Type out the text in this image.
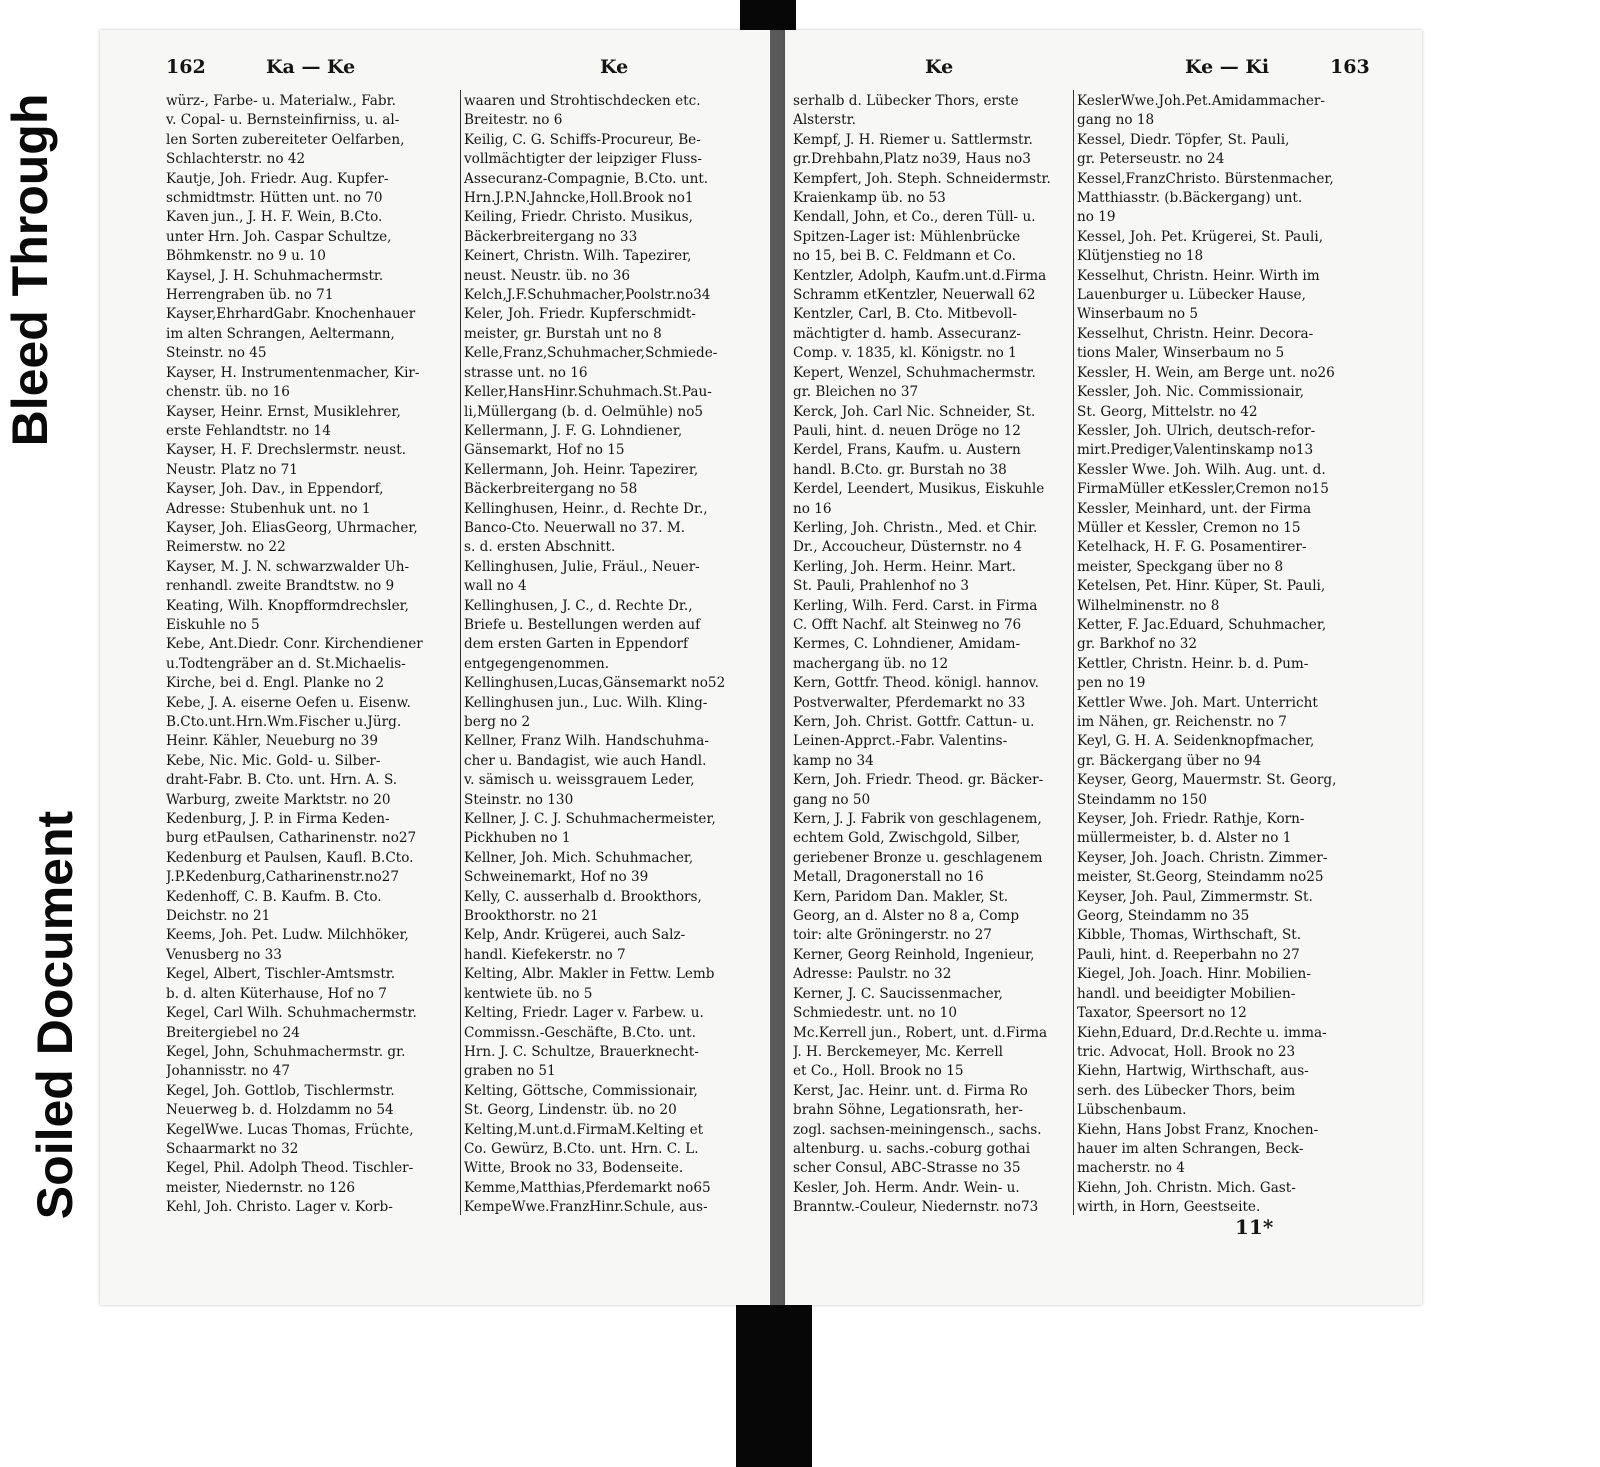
Bleed Through
Soiled Document
162	Ka — Ke	Ke
würz-, Farbe- u. Materialw., Fabr.
v. Copal- u. Bernsteinfirniss, u. al-
len Sorten zubereiteter Oelfarben,
Schlachterstr. no 42
Kautje, Joh. Friedr. Aug. Kupfer-
schmidtmstr. Hütten unt. no 70
Kaven jun., J. H. F. Wein, B.Cto.
unter Hrn. Joh. Caspar Schultze,
Böhmkenstr. no 9 u. 10
Kaysel, J. H. Schuhmachermstr.
Herrengraben üb. no 71
Kayser,EhrhardGabr. Knochenhauer
im alten Schrangen, Aeltermann,
Steinstr. no 45
Kayser, H. Instrumentenmacher, Kir-
chenstr. üb. no 16
Kayser, Heinr. Ernst, Musiklehrer,
erste Fehlandtstr. no 14
Kayser, H. F. Drechslermstr. neust.
Neustr. Platz no 71
Kayser, Joh. Dav., in Eppendorf,
Adresse: Stubenhuk unt. no 1
Kayser, Joh. EliasGeorg, Uhrmacher,
Reimerstw. no 22
Kayser, M. J. N. schwarzwalder Uh-
renhandl. zweite Brandtstw. no 9
Keating, Wilh. Knopfformdrechsler,
Eiskuhle no 5
Kebe, Ant.Diedr. Conr. Kirchendiener
u.Todtengräber an d. St.Michaelis-
Kirche, bei d. Engl. Planke no 2
Kebe, J. A. eiserne Oefen u. Eisenw.
B.Cto.unt.Hrn.Wm.Fischer u.Jürg.
Heinr. Kähler, Neueburg no 39
Kebe, Nic. Mic. Gold- u. Silber-
draht-Fabr. B. Cto. unt. Hrn. A. S.
Warburg, zweite Marktstr. no 20
Kedenburg, J. P. in Firma Keden-
burg etPaulsen, Catharinenstr. no27
Kedenburg et Paulsen, Kaufl. B.Cto.
J.P.Kedenburg,Catharinenstr.no27
Kedenhoff, C. B. Kaufm. B. Cto.
Deichstr. no 21
Keems, Joh. Pet. Ludw. Milchhöker,
Venusberg no 33
Kegel, Albert, Tischler-Amtsmstr.
b. d. alten Küterhause, Hof no 7
Kegel, Carl Wilh. Schuhmachermstr.
Breitergiebel no 24
Kegel, John, Schuhmachermstr. gr.
Johannisstr. no 47
Kegel, Joh. Gottlob, Tischlermstr.
Neuerweg b. d. Holzdamm no 54
KegelWwe. Lucas Thomas, Früchte,
Schaarmarkt no 32
Kegel, Phil. Adolph Theod. Tischler-
meister, Niedernstr. no 126
Kehl, Joh. Christo. Lager v. Korb-
waaren und Strohtischdecken etc.
Breitestr. no 6
Keilig, C. G. Schiffs-Procureur, Be-
vollmächtigter der leipziger Fluss-
Assecuranz-Compagnie, B.Cto. unt.
Hrn.J.P.N.Jahncke,Holl.Brook no1
Keiling, Friedr. Christo. Musikus,
Bäckerbreitergang no 33
Keinert, Christn. Wilh. Tapezirer,
neust. Neustr. üb. no 36
Kelch,J.F.Schuhmacher,Poolstr.no34
Keler, Joh. Friedr. Kupferschmidt-
meister, gr. Burstah unt no 8
Kelle,Franz,Schuhmacher,Schmiede-
strasse unt. no 16
Keller,HansHinr.Schuhmach.St.Pau-
li,Müllergang (b. d. Oelmühle) no5
Kellermann, J. F. G. Lohndiener,
Gänsemarkt, Hof no 15
Kellermann, Joh. Heinr. Tapezirer,
Bäckerbreitergang no 58
Kellinghusen, Heinr., d. Rechte Dr.,
Banco-Cto. Neuerwall no 37. M.
s. d. ersten Abschnitt.
Kellinghusen, Julie, Fräul., Neuer-
wall no 4
Kellinghusen, J. C., d. Rechte Dr.,
Briefe u. Bestellungen werden auf
dem ersten Garten in Eppendorf
entgegengenommen.
Kellinghusen,Lucas,Gänsemarkt no52
Kellinghusen jun., Luc. Wilh. Kling-
berg no 2
Kellner, Franz Wilh. Handschuhma-
cher u. Bandagist, wie auch Handl.
v. sämisch u. weissgrauem Leder,
Steinstr. no 130
Kellner, J. C. J. Schuhmachermeister,
Pickhuben no 1
Kellner, Joh. Mich. Schuhmacher,
Schweinemarkt, Hof no 39
Kelly, C. ausserhalb d. Brookthors,
Brookthorstr. no 21
Kelp, Andr. Krügerei, auch Salz-
handl. Kiefekerstr. no 7
Kelting, Albr. Makler in Fettw. Lemb
kentwiete üb. no 5
Kelting, Friedr. Lager v. Farbew. u.
Commissn.-Geschäfte, B.Cto. unt.
Hrn. J. C. Schultze, Brauerknecht-
graben no 51
Kelting, Göttsche, Commissionair,
St. Georg, Lindenstr. üb. no 20
Kelting,M.unt.d.FirmaM.Kelting et
Co. Gewürz, B.Cto. unt. Hrn. C. L.
Witte, Brook no 33, Bodenseite.
Kemme,Matthias,Pferdemarkt no65
KempeWwe.FranzHinr.Schule, aus-
Ke	Ke — Ki	163
serhalb d. Lübecker Thors, erste
Alsterstr.
Kempf, J. H. Riemer u. Sattlermstr.
gr.Drehbahn,Platz no39, Haus no3
Kempfert, Joh. Steph. Schneidermstr.
Kraienkamp üb. no 53
Kendall, John, et Co., deren Tüll- u.
Spitzen-Lager ist: Mühlenbrücke
no 15, bei B. C. Feldmann et Co.
Kentzler, Adolph, Kaufm.unt.d.Firma
Schramm etKentzler, Neuerwall 62
Kentzler, Carl, B. Cto. Mitbevoll-
mächtigter d. hamb. Assecuranz-
Comp. v. 1835, kl. Königstr. no 1
Kepert, Wenzel, Schuhmachermstr.
gr. Bleichen no 37
Kerck, Joh. Carl Nic. Schneider, St.
Pauli, hint. d. neuen Dröge no 12
Kerdel, Frans, Kaufm. u. Austern
handl. B.Cto. gr. Burstah no 38
Kerdel, Leendert, Musikus, Eiskuhle
no 16
Kerling, Joh. Christn., Med. et Chir.
Dr., Accoucheur, Düsternstr. no 4
Kerling, Joh. Herm. Heinr. Mart.
St. Pauli, Prahlenhof no 3
Kerling, Wilh. Ferd. Carst. in Firma
C. Offt Nachf. alt Steinweg no 76
Kermes, C. Lohndiener, Amidam-
machergang üb. no 12
Kern, Gottfr. Theod. königl. hannov.
Postverwalter, Pferdemarkt no 33
Kern, Joh. Christ. Gottfr. Cattun- u.
Leinen-Apprct.-Fabr. Valentins-
kamp no 34
Kern, Joh. Friedr. Theod. gr. Bäcker-
gang no 50
Kern, J. J. Fabrik von geschlagenem,
echtem Gold, Zwischgold, Silber,
geriebener Bronze u. geschlagenem
Metall, Dragonerstall no 16
Kern, Paridom Dan. Makler, St.
Georg, an d. Alster no 8 a, Comp
toir: alte Gröningerstr. no 27
Kerner, Georg Reinhold, Ingenieur,
Adresse: Paulstr. no 32
Kerner, J. C. Saucissenmacher,
Schmiedestr. unt. no 10
Mc.Kerrell jun., Robert, unt. d.Firma
J. H. Berckemeyer, Mc. Kerrell
et Co., Holl. Brook no 15
Kerst, Jac. Heinr. unt. d. Firma Ro
brahn Söhne, Legationsrath, her-
zogl. sachsen-meiningensch., sachs.
altenburg. u. sachs.-coburg gothai
scher Consul, ABC-Strasse no 35
Kesler, Joh. Herm. Andr. Wein- u.
Branntw.-Couleur, Niedernstr. no73
KeslerWwe.Joh.Pet.Amidammacher-
gang no 18
Kessel, Diedr. Töpfer, St. Pauli,
gr. Peterseustr. no 24
Kessel,FranzChristo. Bürstenmacher,
Matthiasstr. (b.Bäckergang) unt.
no 19
Kessel, Joh. Pet. Krügerei, St. Pauli,
Klütjenstieg no 18
Kesselhut, Christn. Heinr. Wirth im
Lauenburger u. Lübecker Hause,
Winserbaum no 5
Kesselhut, Christn. Heinr. Decora-
tions Maler, Winserbaum no 5
Kessler, H. Wein, am Berge unt. no26
Kessler, Joh. Nic. Commissionair,
St. Georg, Mittelstr. no 42
Kessler, Joh. Ulrich, deutsch-refor-
mirt.Prediger,Valentinskamp no13
Kessler Wwe. Joh. Wilh. Aug. unt. d.
FirmaMüller etKessler,Cremon no15
Kessler, Meinhard, unt. der Firma
Müller et Kessler, Cremon no 15
Ketelhack, H. F. G. Posamentirer-
meister, Speckgang über no 8
Ketelsen, Pet. Hinr. Küper, St. Pauli,
Wilhelminenstr. no 8
Ketter, F. Jac.Eduard, Schuhmacher,
gr. Barkhof no 32
Kettler, Christn. Heinr. b. d. Pum-
pen no 19
Kettler Wwe. Joh. Mart. Unterricht
im Nähen, gr. Reichenstr. no 7
Keyl, G. H. A. Seidenknopfmacher,
gr. Bäckergang über no 94
Keyser, Georg, Mauermstr. St. Georg,
Steindamm no 150
Keyser, Joh. Friedr. Rathje, Korn-
müllermeister, b. d. Alster no 1
Keyser, Joh. Joach. Christn. Zimmer-
meister, St.Georg, Steindamm no25
Keyser, Joh. Paul, Zimmermstr. St.
Georg, Steindamm no 35
Kibble, Thomas, Wirthschaft, St.
Pauli, hint. d. Reeperbahn no 27
Kiegel, Joh. Joach. Hinr. Mobilien-
handl. und beeidigter Mobilien-
Taxator, Speersort no 12
Kiehn,Eduard, Dr.d.Rechte u. imma-
tric. Advocat, Holl. Brook no 23
Kiehn, Hartwig, Wirthschaft, aus-
serh. des Lübecker Thors, beim
Lübschenbaum.
Kiehn, Hans Jobst Franz, Knochen-
hauer im alten Schrangen, Beck-
macherstr. no 4
Kiehn, Joh. Christn. Mich. Gast-
wirth, in Horn, Geestseite.
11*
